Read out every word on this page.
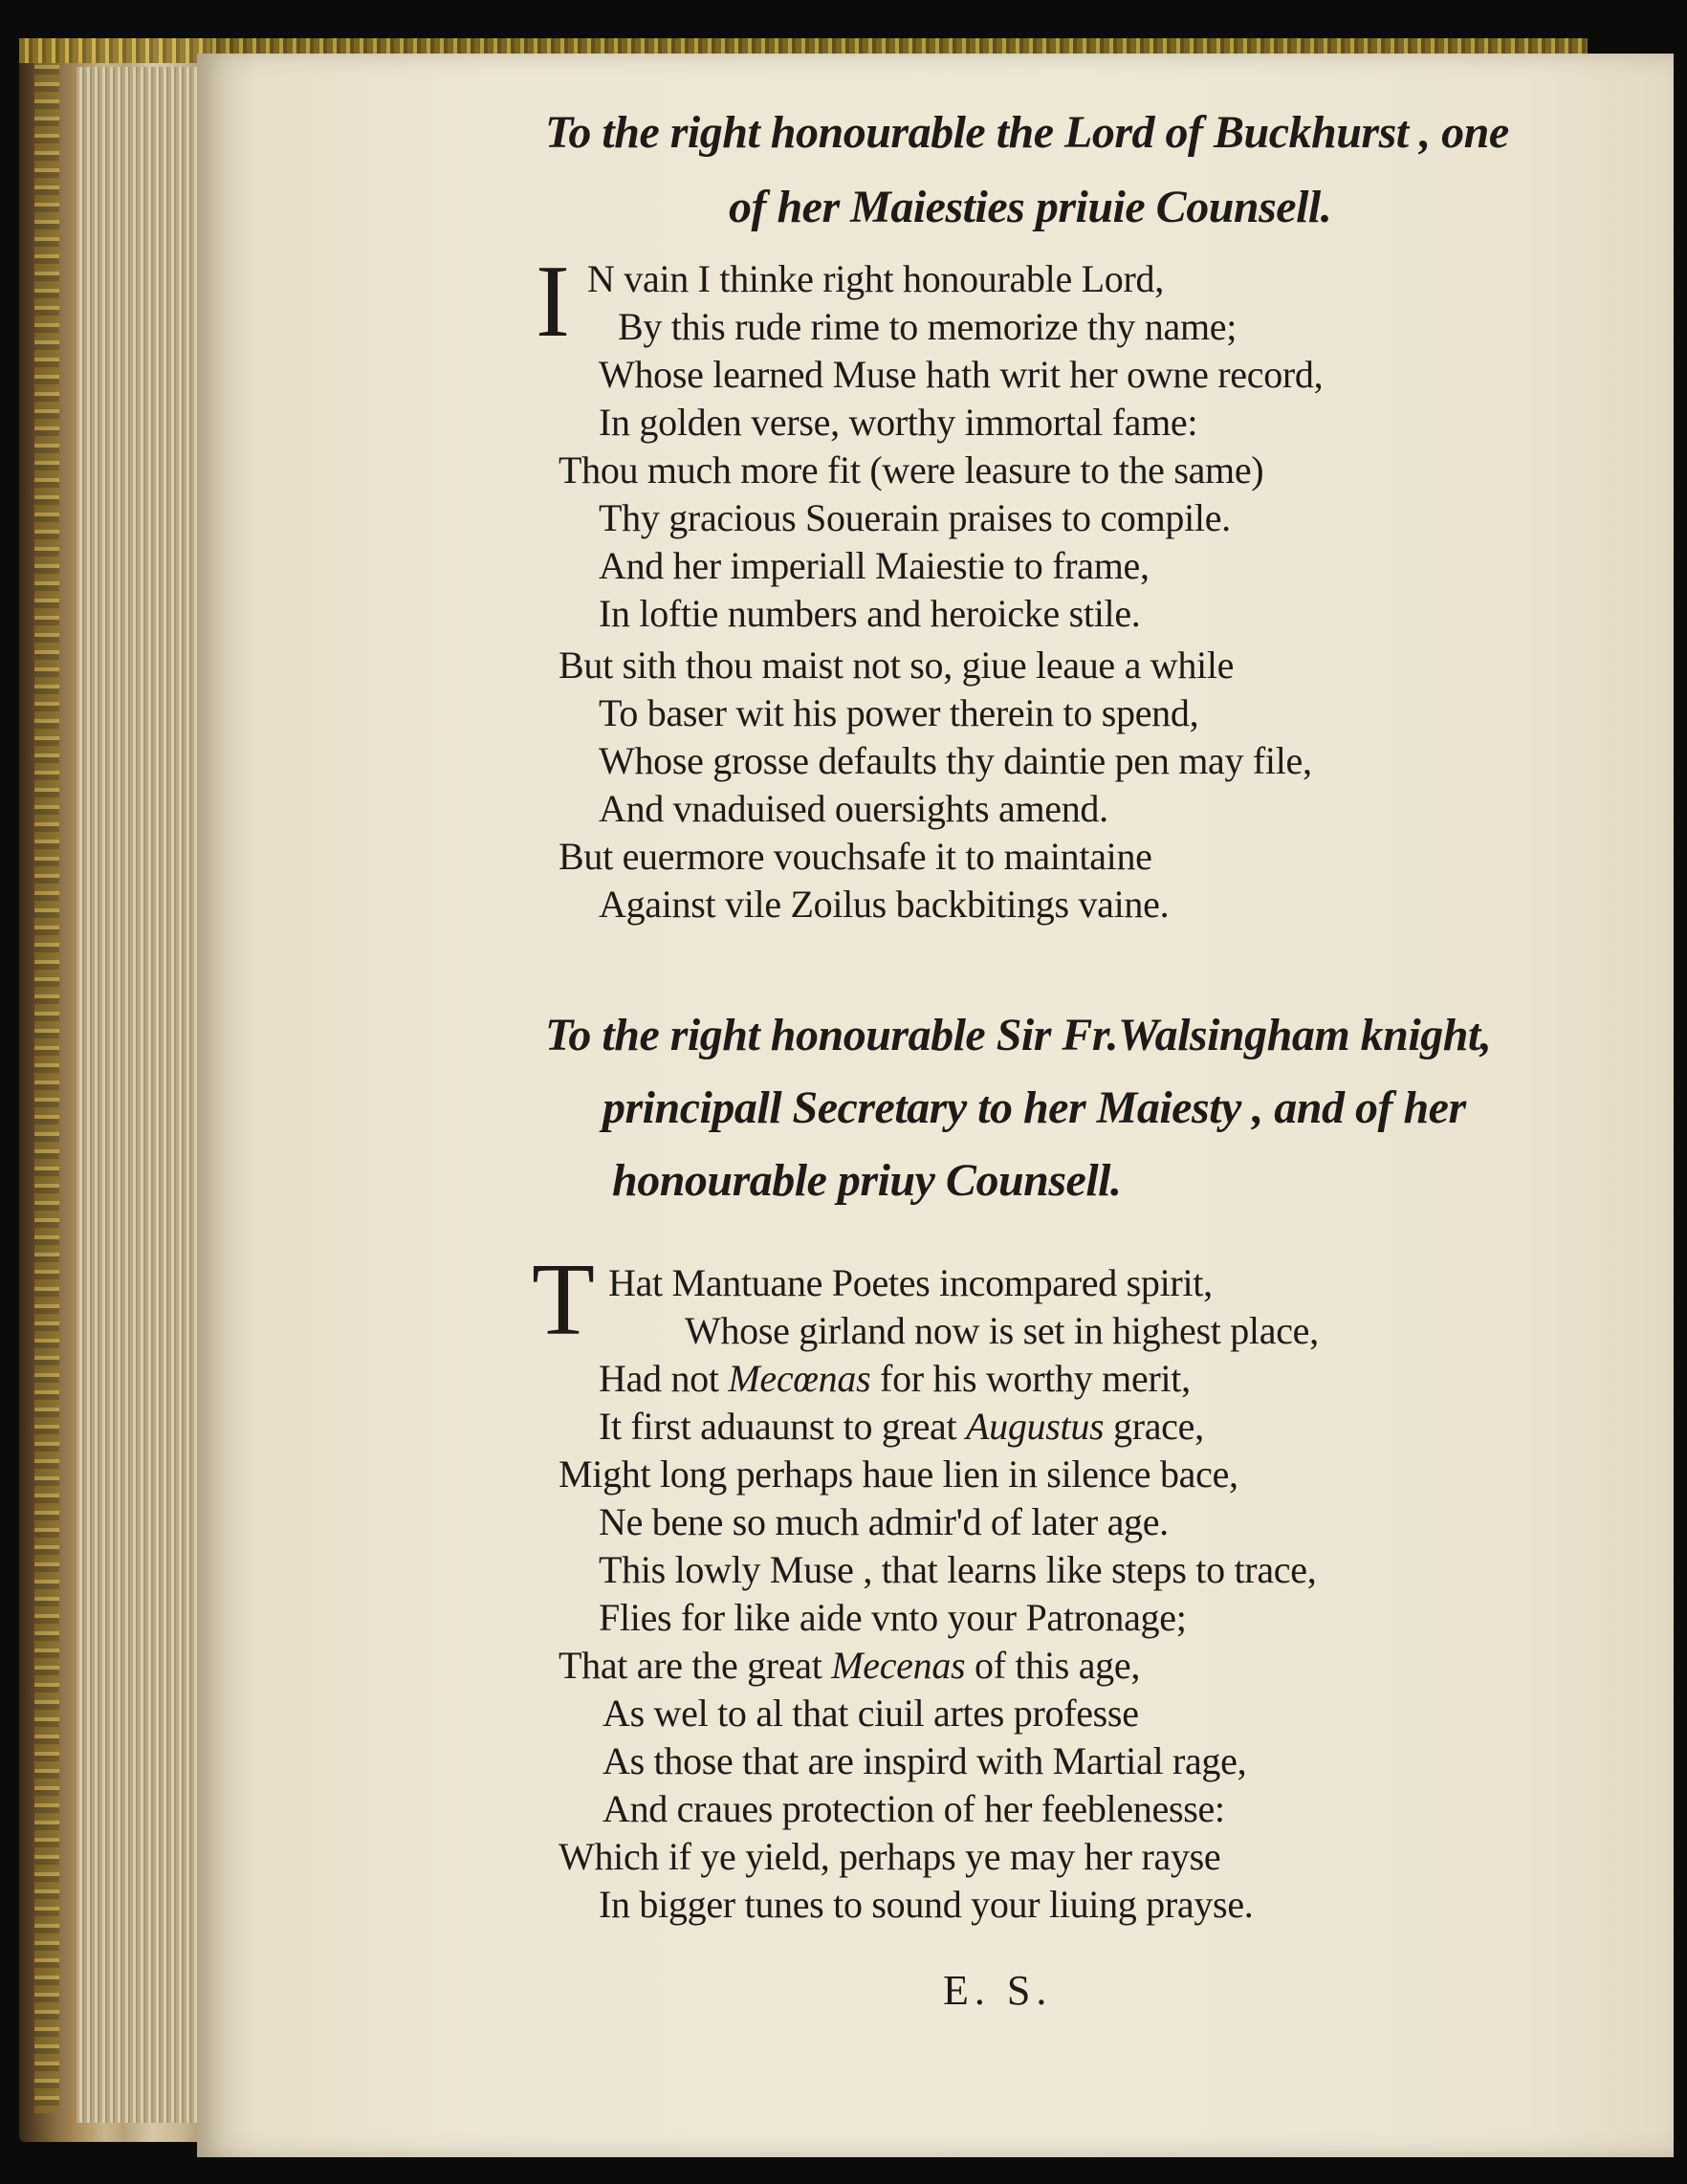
To the right honourable the Lord of Buckhurst , one
of her Maiesties priuie Counsell.
I N vain I thinke right honourable Lord,
By this rude rime to memorize thy name;
Whose learned Muse hath writ her owne record,
In golden verse, worthy immortal fame:
Thou much more fit (were leasure to the same)
Thy gracious Souerain praises to compile.
And her imperiall Maiestie to frame,
In loftie numbers and heroicke stile.
But sith thou maist not so, giue leaue a while
To baser wit his power therein to spend,
Whose grosse defaults thy daintie pen may file,
And vnaduised ouersights amend.
But euermore vouchsafe it to maintaine
Against vile Zoilus backbitings vaine.
To the right honourable Sir Fr.Walsingham knight,
principall Secretary to her Maiesty , and of her
honourable priuy Counsell.
T Hat Mantuane Poetes incompared spirit,
Whose girland now is set in highest place,
Had not Mecœnas for his worthy merit,
It first aduaunst to great Augustus grace,
Might long perhaps haue lien in silence bace,
Ne bene so much admir'd of later age.
This lowly Muse , that learns like steps to trace,
Flies for like aide vnto your Patronage;
That are the great Mecenas of this age,
As wel to al that ciuil artes professe
As those that are inspird with Martial rage,
And craues protection of her feeblenesse:
Which if ye yield, perhaps ye may her rayse
In bigger tunes to sound your liuing prayse.
E. S.
